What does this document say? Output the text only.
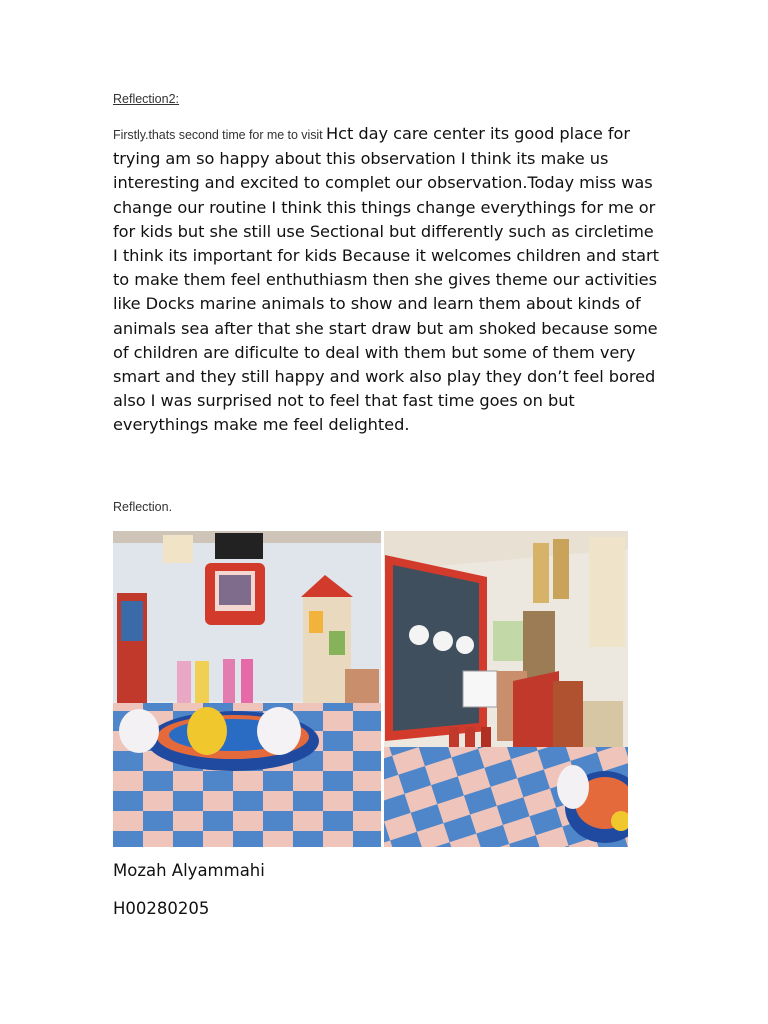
Reflection2:

Firstly.thats second time for me to visit Hct day care center its good place for trying am so happy about this observation I think its make us interesting and excited to complet our observation.Today miss was change our routine I think this things change everythings for me or for kids but she still use Sectional but differently such as circletime I think its important for kids Because it welcomes children and start to make them feel enthuthiasm then she gives theme our activities like Docks marine animals to show and learn them about kinds of animals sea after that she start draw but am shoked because some of children are dificulte to deal with them but some of them very smart and they still happy and work also play they don’t feel bored also I was surprised not to feel that fast time goes on but everythings make me feel delighted.

Reflection.
Mozah Alyammahi
H00280205
